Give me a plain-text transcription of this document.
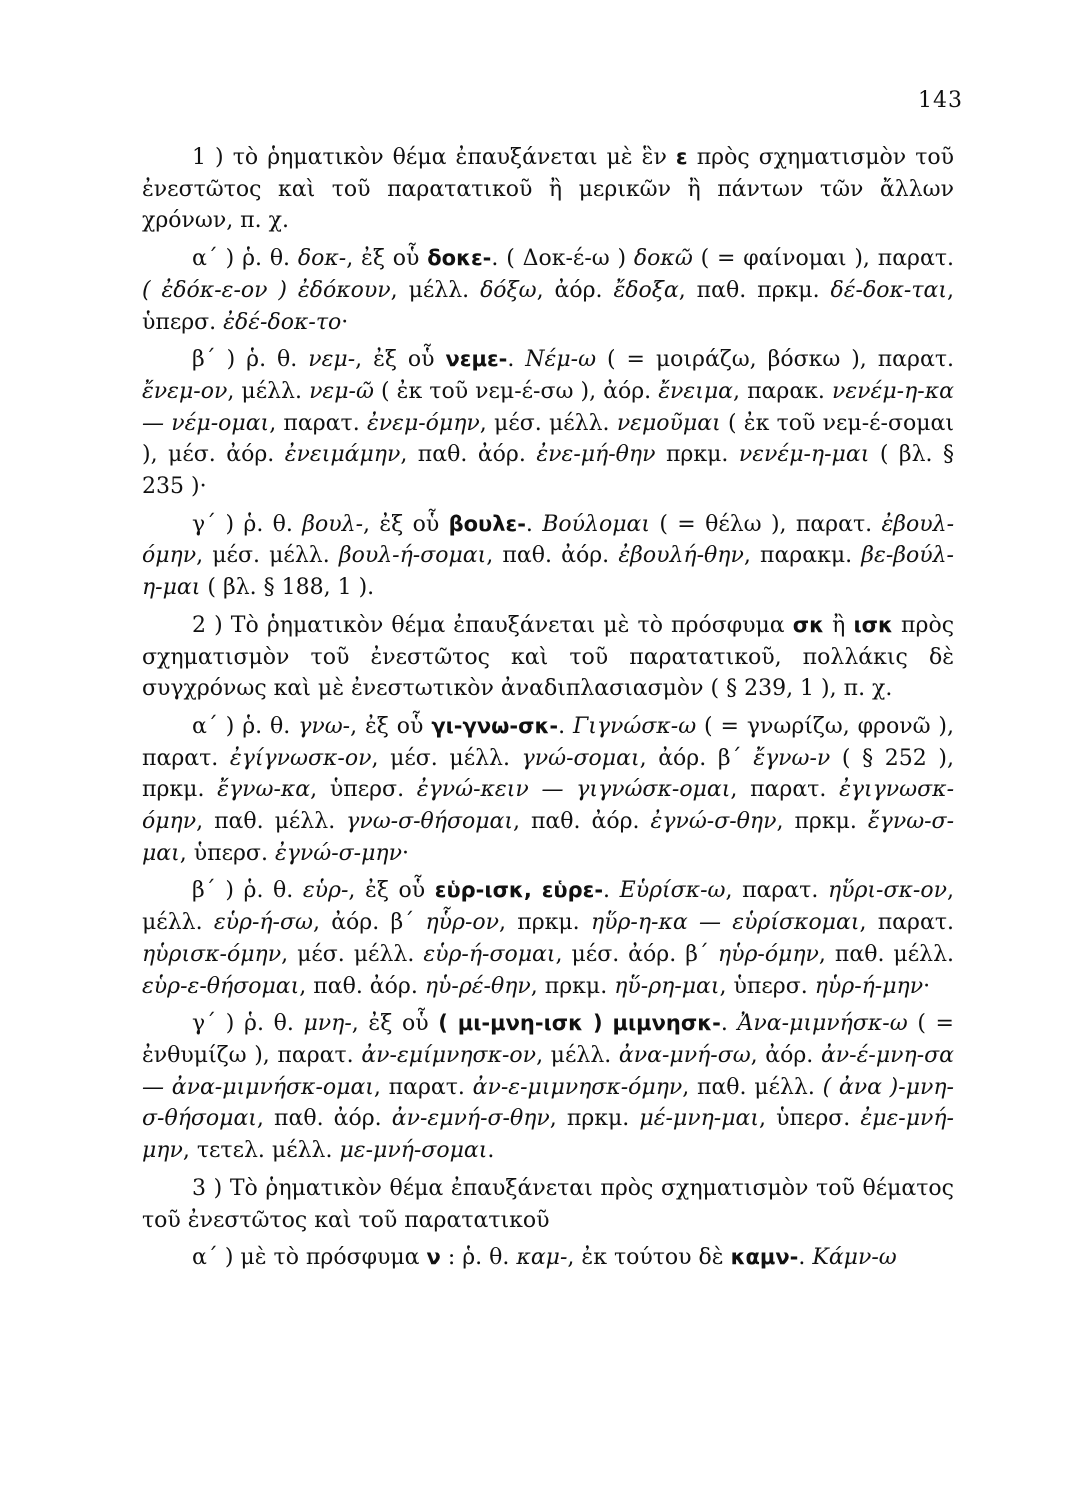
143

1 ) τὸ ῥηματικὸν θέμα ἐπαυξάνεται μὲ ἓν ε πρὸς σχηματισμὸν τοῦ ἐνεστῶτος καὶ τοῦ παρατατικοῦ ἢ μερικῶν ἢ πάντων τῶν ἄλλων χρόνων, π. χ.

α΄ ) ῥ. θ. δοκ-, ἐξ οὗ δοκε-. ( Δοκ-έ-ω ) δοκῶ ( = φαίνομαι ), παρατ. ( ἐδόκ-ε-ον ) ἐδόκουν, μέλλ. δόξω, ἀόρ. ἔδοξα, παθ. πρκμ. δέ-δοκ-ται, ὑπερσ. ἐδέ-δοκ-το·

β΄ ) ῥ. θ. νεμ-, ἐξ οὗ νεμε-. Νέμ-ω ( = μοιράζω, βόσκω ), παρατ. ἔνεμ-ον, μέλλ. νεμ-ῶ ( ἐκ τοῦ νεμ-έ-σω ), ἀόρ. ἔνειμα, παρακ. νενέμ-η-κα — νέμ-ομαι, παρατ. ἐνεμ-όμην, μέσ. μέλλ. νεμοῦμαι ( ἐκ τοῦ νεμ-έ-σομαι ), μέσ. ἀόρ. ἐνειμάμην, παθ. ἀόρ. ἐνε-μή-θην πρκμ. νενέμ-η-μαι ( βλ. § 235 )·

γ΄ ) ῥ. θ. βουλ-, ἐξ οὗ βουλε-. Βούλομαι ( = θέλω ), παρατ. ἐβουλ-όμην, μέσ. μέλλ. βουλ-ή-σομαι, παθ. ἀόρ. ἐβουλή-θην, παρακμ. βε-βούλ-η-μαι ( βλ. § 188, 1 ).

2 ) Τὸ ῥηματικὸν θέμα ἐπαυξάνεται μὲ τὸ πρόσφυμα σκ ἢ ισκ πρὸς σχηματισμὸν τοῦ ἐνεστῶτος καὶ τοῦ παρατατικοῦ, πολλάκις δὲ συγχρόνως καὶ μὲ ἐνεστωτικὸν ἀναδιπλασιασμὸν ( § 239, 1 ), π. χ.

α΄ ) ῥ. θ. γνω-, ἐξ οὗ γι-γνω-σκ-. Γιγνώσκ-ω ( = γνωρίζω, φρονῶ ), παρατ. ἐγίγνωσκ-ον, μέσ. μέλλ. γνώ-σομαι, ἀόρ. β΄ ἔγνω-ν ( § 252 ), πρκμ. ἔγνω-κα, ὑπερσ. ἐγνώ-κειν — γιγνώσκ-ομαι, παρατ. ἐγιγνωσκ-όμην, παθ. μέλλ. γνω-σ-θήσομαι, παθ. ἀόρ. ἐγνώ-σ-θην, πρκμ. ἔγνω-σ-μαι, ὑπερσ. ἐγνώ-σ-μην·

β΄ ) ῥ. θ. εὑρ-, ἐξ οὗ εὑρ-ισκ, εὑρε-. Εὑρίσκ-ω, παρατ. ηὕρι-σκ-ον, μέλλ. εὑρ-ή-σω, ἀόρ. β΄ ηὗρ-ον, πρκμ. ηὕρ-η-κα — εὑρίσκομαι, παρατ. ηὑρισκ-όμην, μέσ. μέλλ. εὑρ-ή-σομαι, μέσ. ἀόρ. β΄ ηὑρ-όμην, παθ. μέλλ. εὑρ-ε-θήσομαι, παθ. ἀόρ. ηὑ-ρέ-θην, πρκμ. ηὕ-ρη-μαι, ὑπερσ. ηὑρ-ή-μην·

γ΄ ) ῥ. θ. μνη-, ἐξ οὗ ( μι-μνη-ισκ ) μιμνησκ-. Ἀνα-μιμνήσκ-ω ( = ἐνθυμίζω ), παρατ. ἀν-εμίμνησκ-ον, μέλλ. ἀνα-μνή-σω, ἀόρ. ἀν-έ-μνη-σα — ἀνα-μιμνήσκ-ομαι, παρατ. ἀν-ε-μιμνησκ-όμην, παθ. μέλλ. ( ἀνα )-μνη-σ-θήσομαι, παθ. ἀόρ. ἀν-εμνή-σ-θην, πρκμ. μέ-μνη-μαι, ὑπερσ. ἐμε-μνή-μην, τετελ. μέλλ. με-μνή-σομαι.

3 ) Τὸ ῥηματικὸν θέμα ἐπαυξάνεται πρὸς σχηματισμὸν τοῦ θέματος τοῦ ἐνεστῶτος καὶ τοῦ παρατατικοῦ

α΄ ) μὲ τὸ πρόσφυμα ν : ῥ. θ. καμ-, ἐκ τούτου δὲ καμν-. Κάμν-ω
